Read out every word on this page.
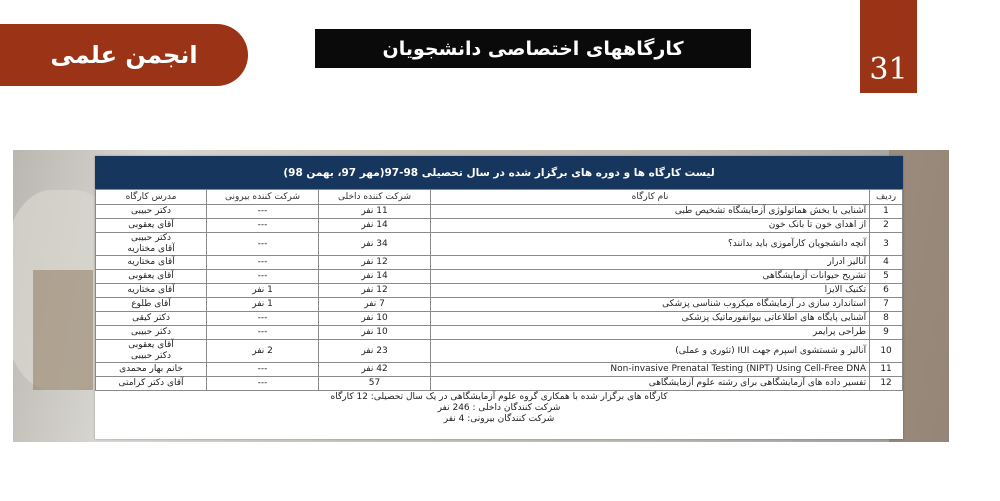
انجمن علمی	کارگاههای اختصاصی دانشجویان
31
لیست کارگاه ها و دوره های برگزار شده در سال تحصیلی 98-97(مهر 97، بهمن 98)
ردیف	نام کارگاه	شرکت کننده داخلی	شرکت کننده بیرونی	مدرس کارگاه
1	آشنایی با بخش هماتولوژی آزمایشگاه تشخیص طبی	11 نفر	---	دکتر حبیبی

2	از اهدای خون تا بانک خون	14 نفر	---	آقای یعقوبی

3	آنچه دانشجویان کارآموزی باید بدانند؟	34 نفر	---	دکتر حبیبی
آقای مختاریه

4	آنالیز ادرار	12 نفر	---	آقای مختاریه

5	تشریح حیوانات آزمایشگاهی	14 نفر	---	آقای یعقوبی

6	تکنیک الایزا	12 نفر	1 نفر	آقای مختاریه

7	استاندارد سازی در آزمایشگاه میکروب شناسی پزشکی	7 نفر	1 نفر	آقای طلوع

8	آشنایی پایگاه های اطلاعاتی بیوانفورماتیک پزشکی	10 نفر	---	دکتر کیقی

9	طراحی پرایمر	10 نفر	---	دکتر حبیبی

10	آنالیز و شستشوی اسپرم جهت IUI (تئوری و عملی)	23 نفر	2 نفر	آقای یعقوبی
دکتر حبیبی

11	Non-invasive Prenatal Testing (NIPT) Using Cell-Free DNA	42 نفر	---	خانم بهار محمدی

12	تفسیر داده های آزمایشگاهی برای رشته علوم آزمایشگاهی	57	---	آقای دکتر کرامتی
کارگاه های برگزار شده با همکاری گروه علوم آزمایشگاهی در یک سال تحصیلی: 12 کارگاه
شرکت کنندگان داخلی : 246 نفر
شرکت کنندگان بیرونی: 4 نفر
